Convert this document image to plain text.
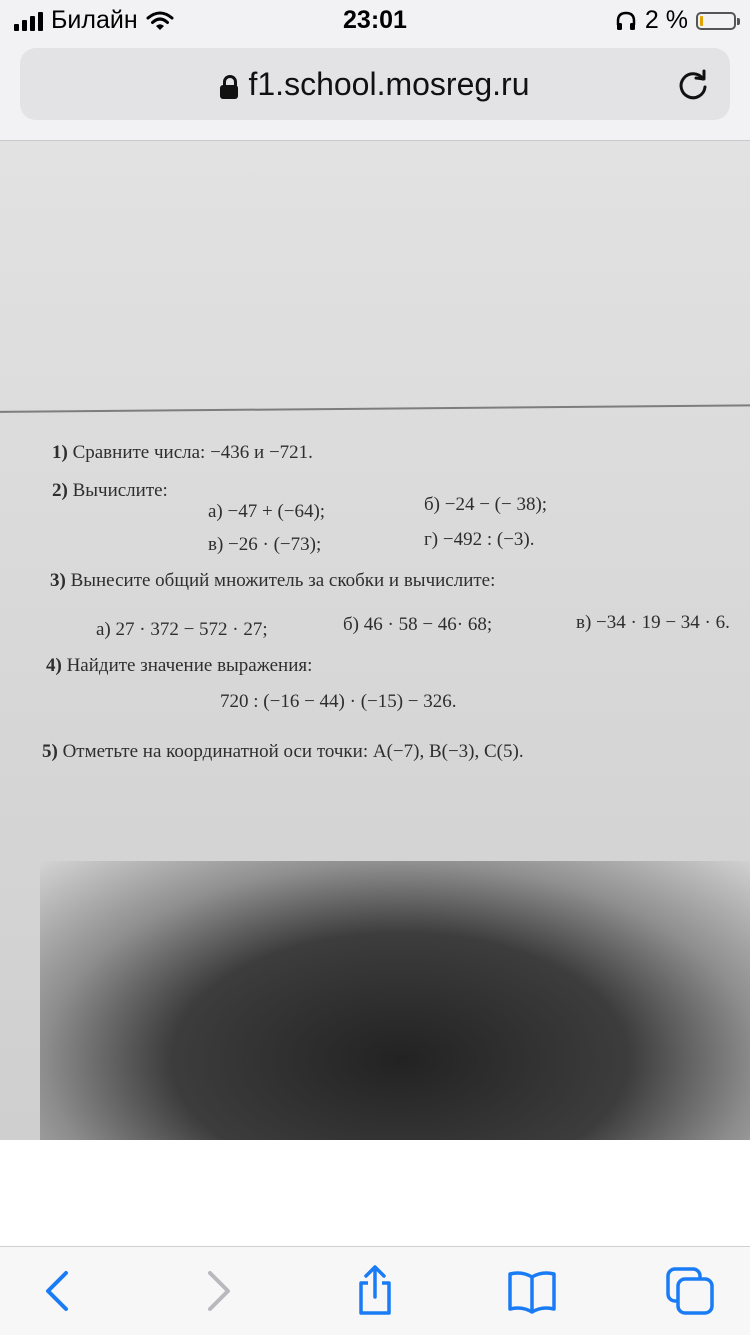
Билайн	23:01	2 %
f1.school.mosreg.ru
1) Сравните числа: −436 и −721.
2) Вычислите:
а) −47 + (−64);	б) −24 − (− 38);
в) −26 · (−73);	г) −492 : (−3).
3) Вынесите общий множитель за скобки и вычислите:
а) 27 · 372 − 572 · 27;	б) 46 · 58 − 46· 68;	в) −34 · 19 − 34 · 6.
4) Найдите значение выражения:
720 : (−16 − 44) · (−15) − 326.
5) Отметьте на координатной оси точки: A(−7), B(−3), C(5).
